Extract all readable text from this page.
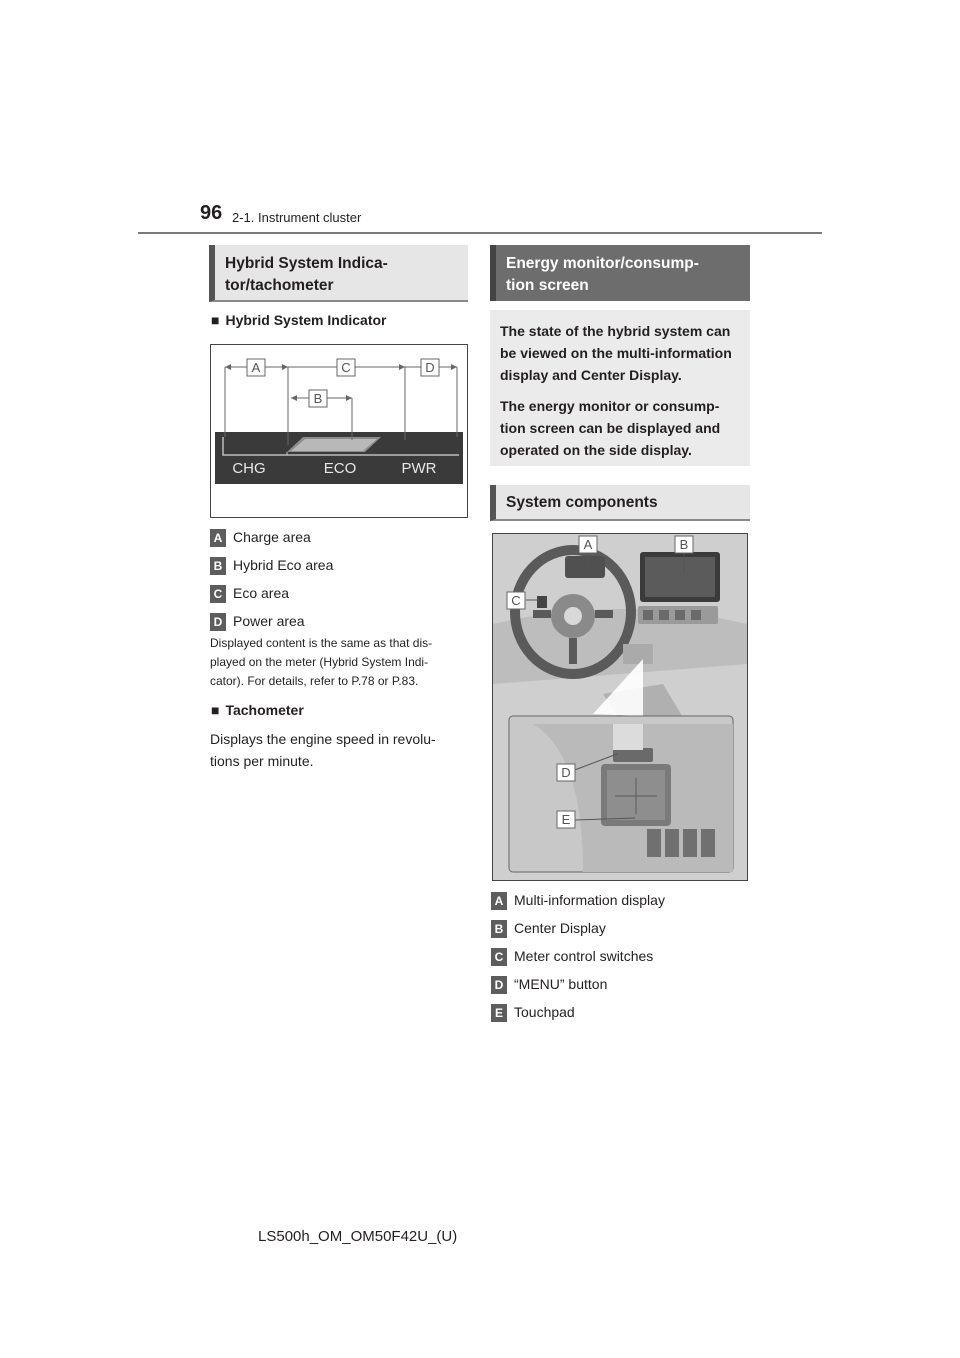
96 2-1. Instrument cluster
Hybrid System Indica-
tor/tachometer
■ Hybrid System Indicator
A	C	D
B
CHG	ECO	PWR
A Charge area
B Hybrid Eco area
C Eco area
D Power area
Displayed content is the same as that dis-
played on the meter (Hybrid System Indi-
cator). For details, refer to P.78 or P.83.
■ Tachometer
Displays the engine speed in revolu-
tions per minute.
Energy monitor/consump-
tion screen

The state of the hybrid system can
be viewed on the multi-information
display and Center Display.

The energy monitor or consump-
tion screen can be displayed and
operated on the side display.

System components
A	B
C
D
E
A Multi-information display
B Center Display
C Meter control switches
D “MENU” button
E Touchpad
LS500h_OM_OM50F42U_(U)
